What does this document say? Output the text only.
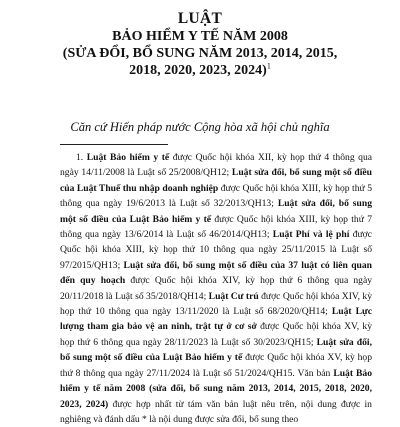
LUẬT
BẢO HIỂM Y TẾ NĂM 2008
(SỬA ĐỔI, BỔ SUNG NĂM 2013, 2014, 2015,
2018, 2020, 2023, 2024)$^1$
Căn cứ Hiến pháp nước Cộng hòa xã hội chủ nghĩa

1. Luật Bảo hiểm y tế được Quốc hội khóa XII, kỳ họp thứ 4 thông qua ngày 14/11/2008 là Luật số 25/2008/QH12; Luật sửa đổi, bổ sung một số điều của Luật Thuế thu nhập doanh nghiệp được Quốc hội khóa XIII, kỳ họp thứ 5 thông qua ngày 19/6/2013 là Luật số 32/2013/QH13; Luật sửa đổi, bổ sung một số điều của Luật Bảo hiểm y tế được Quốc hội khóa XIII, kỳ họp thứ 7 thông qua ngày 13/6/2014 là Luật số 46/2014/QH13; Luật Phí và lệ phí được Quốc hội khóa XIII, kỳ họp thứ 10 thông qua ngày 25/11/2015 là Luật số 97/2015/QH13; Luật sửa đổi, bổ sung một số điều của 37 luật có liên quan đến quy hoạch được Quốc hội khóa XIV, kỳ họp thứ 6 thông qua ngày 20/11/2018 là Luật số 35/2018/QH14; Luật Cư trú được Quốc hội khóa XIV, kỳ họp thứ 10 thông qua ngày 13/11/2020 là Luật số 68/2020/QH14; Luật Lực lượng tham gia bảo vệ an ninh, trật tự ở cơ sở được Quốc hội khóa XV, kỳ họp thứ 6 thông qua ngày 28/11/2023 là Luật số 30/2023/QH15; Luật sửa đổi, bổ sung một số điều của Luật Bảo hiểm y tế được Quốc hội khóa XV, kỳ họp thứ 8 thông qua ngày 27/11/2024 là Luật số 51/2024/QH15. Văn bản Luật Bảo hiểm y tế năm 2008 (sửa đổi, bổ sung năm 2013, 2014, 2015, 2018, 2020, 2023, 2024) được hợp nhất từ tám văn bản luật nêu trên, nội dung được in nghiêng và đánh dấu * là nội dung được sửa đổi, bổ sung theo
